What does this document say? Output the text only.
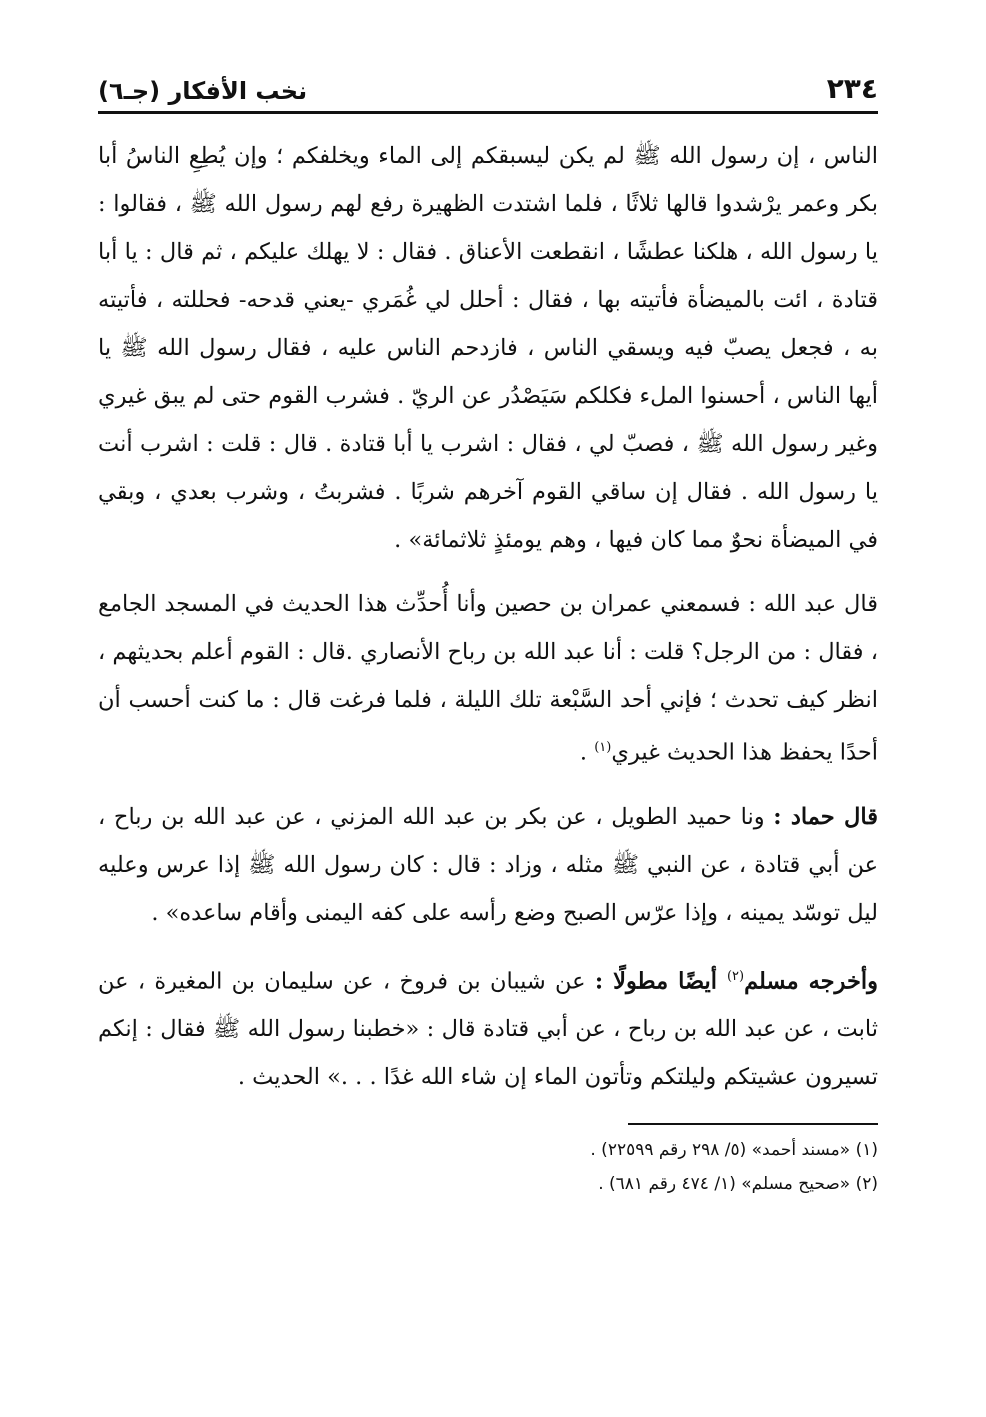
٢٣٤
نخب الأفكار (جـ٦)

الناس ، إن رسول الله ﷺ لم يكن ليسبقكم إلى الماء ويخلفكم ؛ وإن يُطِعِ الناسُ أبا بكر وعمر يرْشدوا قالها ثلاثًا ، فلما اشتدت الظهيرة رفع لهم رسول الله ﷺ ، فقالوا : يا رسول الله ، هلكنا عطشًا ، انقطعت الأعناق . فقال : لا يهلك عليكم ، ثم قال : يا أبا قتادة ، ائت بالميضأة فأتيته بها ، فقال : أحلل لي غُمَري -يعني قدحه- فحللته ، فأتيته به ، فجعل يصبّ فيه ويسقي الناس ، فازدحم الناس عليه ، فقال رسول الله ﷺ يا أيها الناس ، أحسنوا الملء فكلكم سَيَصْدُر عن الريّ . فشرب القوم حتى لم يبق غيري وغير رسول الله ﷺ ، فصبّ لي ، فقال : اشرب يا أبا قتادة . قال : قلت : اشرب أنت يا رسول الله . فقال إن ساقي القوم آخرهم شربًا . فشربتُ ، وشرب بعدي ، وبقي في الميضأة نحوٌ مما كان فيها ، وهم يومئذٍ ثلاثمائة» .

قال عبد الله : فسمعني عمران بن حصين وأنا أُحدِّث هذا الحديث في المسجد الجامع ، فقال : من الرجل؟ قلت : أنا عبد الله بن رباح الأنصاري .قال : القوم أعلم بحديثهم ، انظر كيف تحدث ؛ فإني أحد السَّبْعة تلك الليلة ، فلما فرغت قال : ما كنت أحسب أن أحدًا يحفظ هذا الحديث غيري$^{(١)}$ .

قال حماد : ونا حميد الطويل ، عن بكر بن عبد الله المزني ، عن عبد الله بن رباح ، عن أبي قتادة ، عن النبي ﷺ مثله ، وزاد : قال : كان رسول الله ﷺ إذا عرس وعليه ليل توسّد يمينه ، وإذا عرّس الصبح وضع رأسه على كفه اليمنى وأقام ساعده» .

وأخرجه مسلم$^{(٢)}$ أيضًا مطولًا : عن شيبان بن فروخ ، عن سليمان بن المغيرة ، عن ثابت ، عن عبد الله بن رباح ، عن أبي قتادة قال : «خطبنا رسول الله ﷺ فقال : إنكم تسيرون عشيتكم وليلتكم وتأتون الماء إن شاء الله غدًا . . .» الحديث .

(١) «مسند أحمد» (٥/ ٢٩٨ رقم ٢٢٥٩٩) .

(٢) «صحيح مسلم» (١/ ٤٧٤ رقم ٦٨١) .
